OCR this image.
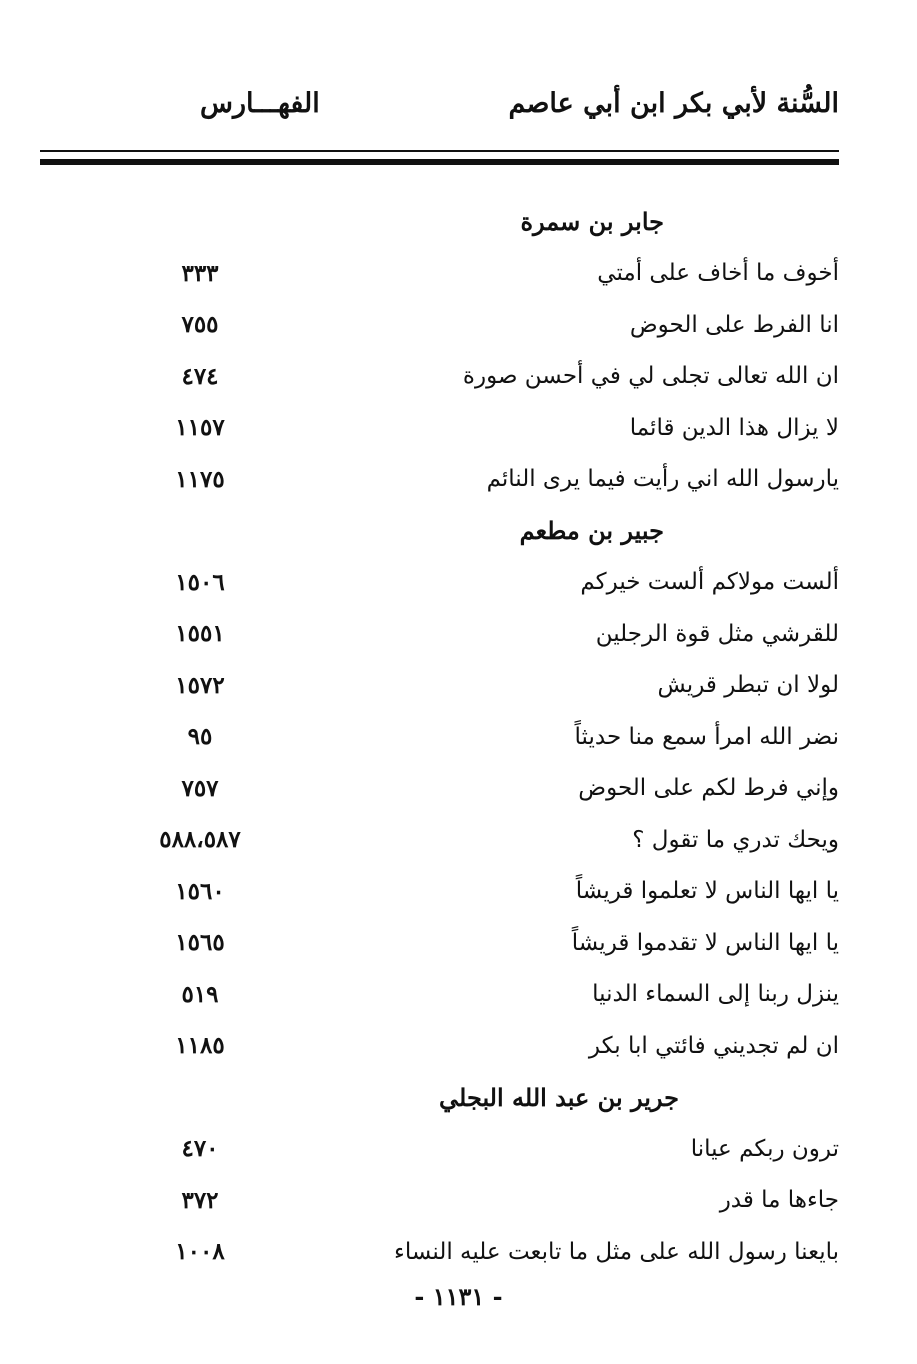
السُّنة لأبي بكر ابن أبي عاصم
الفهـــارس
جابر بن سمرة
أخوف ما أخاف على أمتي
٣٣٣
انا الفرط على الحوض
٧٥٥
ان الله تعالى تجلى لي في أحسن صورة
٤٧٤
لا يزال هذا الدين قائما
١١٥٧
يارسول الله اني رأيت فيما يرى النائم
١١٧٥
جبير بن مطعم
ألست مولاكم ألست خيركم
١٥٠٦
للقرشي مثل قوة الرجلين
١٥٥١
لولا ان تبطر قريش
١٥٧٢
نضر الله امرأ سمع منا حديثاً
٩٥
وإني فرط لكم على الحوض
٧٥٧
ويحك تدري ما تقول ؟
٥٨٨،٥٨٧
يا ايها الناس لا تعلموا قريشاً
١٥٦٠
يا ايها الناس لا تقدموا قريشاً
١٥٦٥
ينزل ربنا إلى السماء الدنيا
٥١٩
ان لم تجديني فائتي ابا بكر
١١٨٥
جرير بن عبد الله البجلي
ترون ربكم عيانا
٤٧٠
جاءها ما قدر
٣٧٢
بايعنا رسول الله على مثل ما تابعت عليه النساء
١٠٠٨
- ١١٣١ -
